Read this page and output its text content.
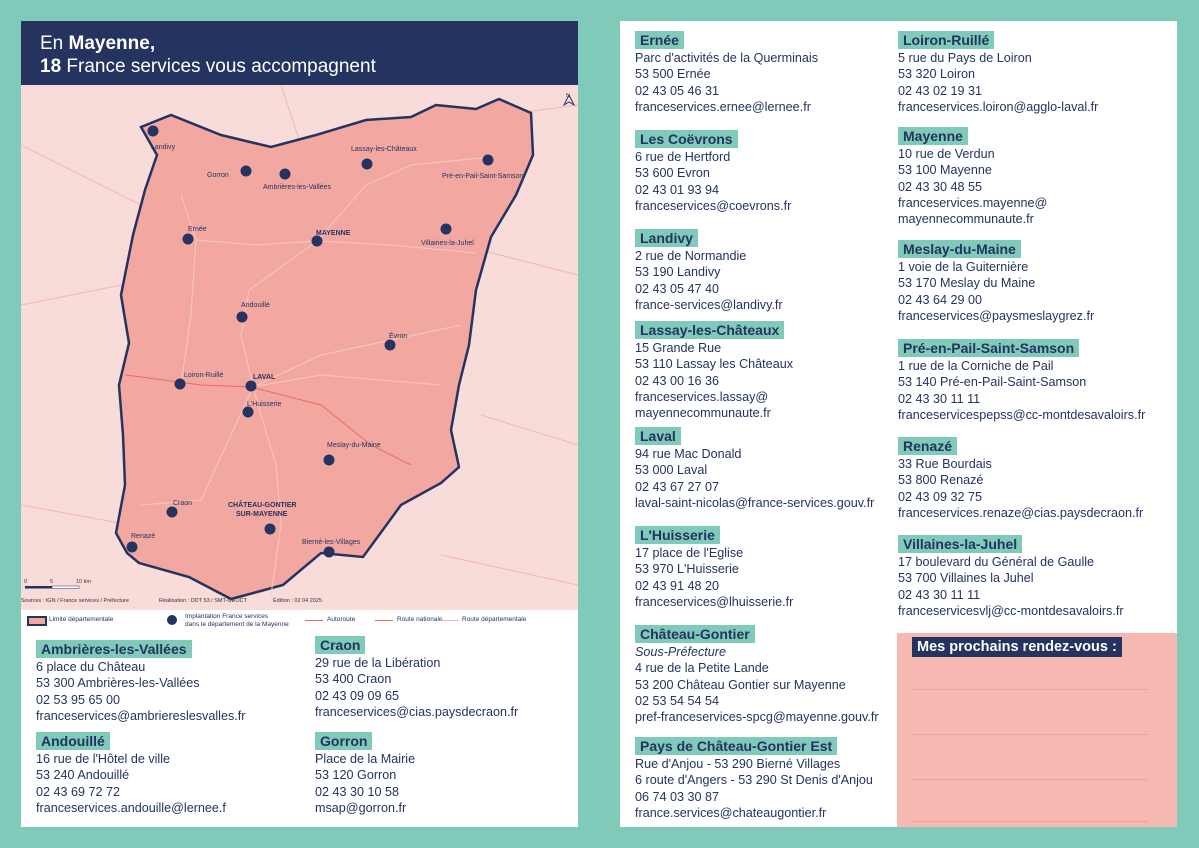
En Mayenne,
18 France services vous accompagnent
N
Landivy
Gorron
Ambrières-les-Vallées
Lassay-les-Châteaux
Pré-en-Pail-Saint-Samson
Ernée
MAYENNE
Villaines-la-Juhel
Andouillé
Évron
Loiron-Ruillé	LAVAL
L'Huisserie
Meslay-du-Maine
Craon	CHÂTEAU-GONTIER
SUR-MAYENNE
Renazé
Bierné-les-Villages
0	5	10 km
Sources : IGN / France services / Préfecture	Réalisation : DDT 53 / SMT-GEOCT	Édition : 02 04 2025
Limite départementale	Implantation France services
dans le département de la Mayenne
Autoroute	Route nationale	Route départementale
Ambrières-les-Vallées
6 place du Château
53 300 Ambrières-les-Vallées
02 53 95 65 00
franceservices@ambriereslesvalles.fr
Andouillé
16 rue de l'Hôtel de ville
53 240 Andouillé
02 43 69 72 72
franceservices.andouille@lernee.f
Craon
29 rue de la Libération
53 400 Craon
02 43 09 09 65
franceservices@cias.paysdecraon.fr
Gorron
Place de la Mairie
53 120 Gorron
02 43 30 10 58
msap@gorron.fr
Ernée
Parc d'activités de la Querminais
53 500 Ernée
02 43 05 46 31
franceservices.ernee@lernee.fr
Les Coëvrons
6 rue de Hertford
53 600 Evron
02 43 01 93 94
franceservices@coevrons.fr
Landivy
2 rue de Normandie
53 190 Landivy
02 43 05 47 40
france-services@landivy.fr
Lassay-les-Châteaux
15 Grande Rue
53 110 Lassay les Châteaux
02 43 00 16 36
franceservices.lassay@
mayennecommunaute.fr
Laval
94 rue Mac Donald
53 000 Laval
02 43 67 27 07
laval-saint-nicolas@france-services.gouv.fr
L'Huisserie
17 place de l'Eglise
53 970 L'Huisserie
02 43 91 48 20
franceservices@lhuisserie.fr
Château-Gontier
Sous-Préfecture
4 rue de la Petite Lande
53 200 Château Gontier sur Mayenne
02 53 54 54 54
pref-franceservices-spcg@mayenne.gouv.fr
Pays de Château-Gontier Est
Rue d'Anjou - 53 290 Bierné Villages
6 route d'Angers - 53 290 St Denis d'Anjou
06 74 03 30 87
france.services@chateaugontier.fr
Loiron-Ruillé
5 rue du Pays de Loiron
53 320 Loiron
02 43 02 19 31
franceservices.loiron@agglo-laval.fr
Mayenne
10 rue de Verdun
53 100 Mayenne
02 43 30 48 55
franceservices.mayenne@
mayennecommunaute.fr
Meslay-du-Maine
1 voie de la Guiternière
53 170 Meslay du Maine
02 43 64 29 00
franceservices@paysmeslaygrez.fr
Pré-en-Pail-Saint-Samson
1 rue de la Corniche de Pail
53 140 Pré-en-Pail-Saint-Samson
02 43 30 11 11
franceservicespepss@cc-montdesavaloirs.fr
Renazé
33 Rue Bourdais
53 800 Renazé
02 43 09 32 75
franceservices.renaze@cias.paysdecraon.fr
Villaines-la-Juhel
17 boulevard du Général de Gaulle
53 700 Villaines la Juhel
02 43 30 11 11
franceservicesvlj@cc-montdesavaloirs.fr
Mes prochains rendez-vous :
